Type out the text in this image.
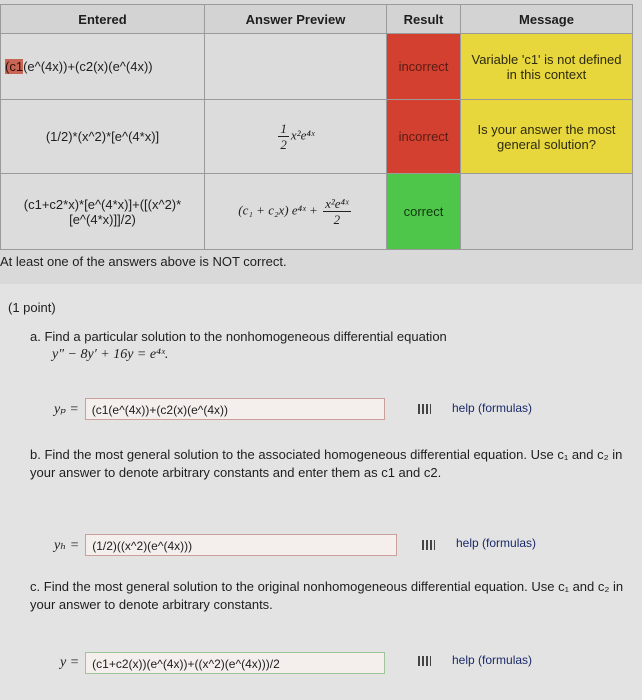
Entered	Answer Preview	Result	Message
(c1(e^(4x))+(c2(x)(e^(4x))		incorrect	Variable 'c1' is not defined in this context
(1/2)*(x^2)*[e^(4*x)]	$\frac{1}{2}$ x²e⁴ˣ	incorrect	Is your answer the most general solution?
(c1+c2*x)*[e^(4*x)]+([(x^2)*[e^(4*x)]]/2)	(c₁ + c₂x) e⁴ˣ + $\frac{\text{x²e⁴ˣ}}{2}$	correct	
At least one of the answers above is NOT correct.
(1 point)
a. Find a particular solution to the nonhomogeneous differential equation
y″ − 8y′ + 16y = e⁴ˣ.
yₚ =	(c1(e^(4x))+(c2(x)(e^(4x))	help (formulas)
b. Find the most general solution to the associated homogeneous differential equation. Use c₁ and c₂ in your answer to denote arbitrary constants and enter them as c1 and c2.
yₕ =	(1/2)((x^2)(e^(4x)))	help (formulas)
c. Find the most general solution to the original nonhomogeneous differential equation. Use c₁ and c₂ in your answer to denote arbitrary constants.
y =	(c1+c2(x))(e^(4x))+((x^2)(e^(4x)))/2	help (formulas)
